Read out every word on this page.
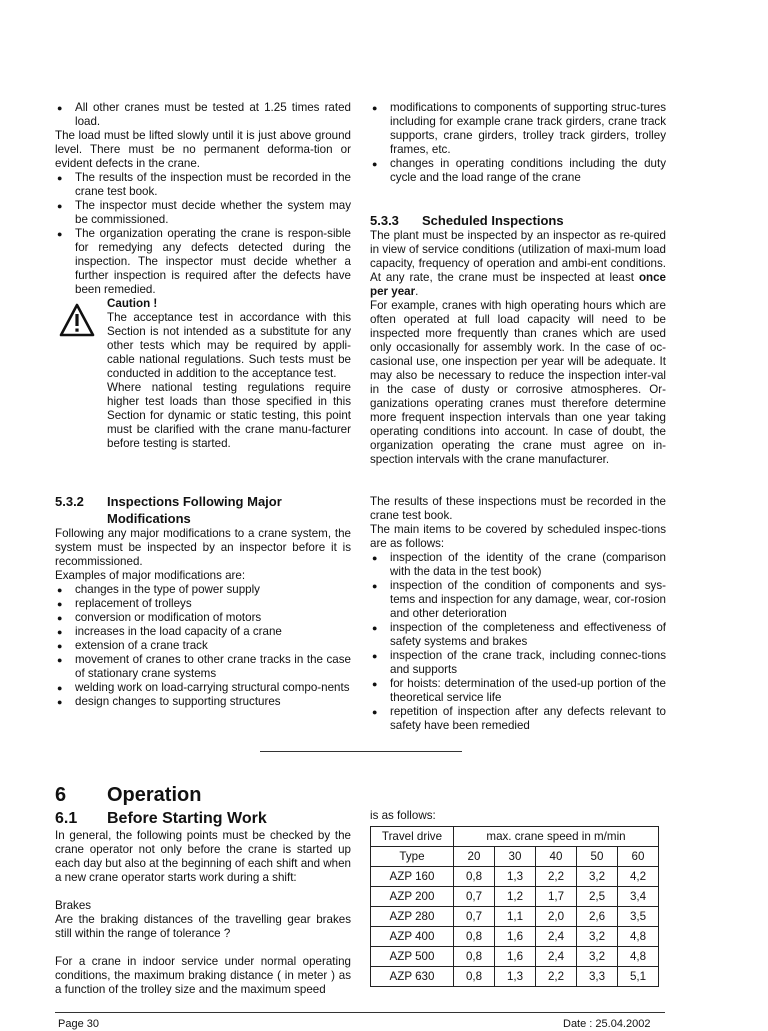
● All other cranes must be tested at 1.25 times rated load.

The load must be lifted slowly until it is just above ground level. There must be no permanent deforma-tion or evident defects in the crane.

● The results of the inspection must be recorded in the crane test book.
● The inspector must decide whether the system may be commissioned.
● The organization operating the crane is respon-sible for remedying any defects detected during the inspection. The inspector must decide whether a further inspection is required after the defects have been remedied.
Caution !

The acceptance test in accordance with this Section is not intended as a substitute for any other tests which may be required by appli-cable national regulations. Such tests must be conducted in addition to the acceptance test.

Where national testing regulations require higher test loads than those specified in this Section for dynamic or static testing, this point must be clarified with the crane manu-facturer before testing is started.

5.3.2	Inspections Following Major Modifications

Following any major modifications to a crane system, the system must be inspected by an inspector before it is recommissioned.

Examples of major modifications are:

● changes in the type of power supply
● replacement of trolleys
● conversion or modification of motors
● increases in the load capacity of a crane
● extension of a crane track
● movement of cranes to other crane tracks in the case of stationary crane systems
● welding work on load-carrying structural compo-nents
● design changes to supporting structures
● modifications to components of supporting struc-tures including for example crane track girders, crane track supports, crane girders, trolley track girders, trolley frames, etc.
● changes in operating conditions including the duty cycle and the load range of the crane
5.3.3	Scheduled Inspections

The plant must be inspected by an inspector as re-quired in view of service conditions (utilization of maxi-mum load capacity, frequency of operation and ambi-ent conditions. At any rate, the crane must be inspected at least once per year.

For example, cranes with high operating hours which are often operated at full load capacity will need to be inspected more frequently than cranes which are used only occasionally for assembly work. In the case of oc-casional use, one inspection per year will be adequate. It may also be necessary to reduce the inspection inter-val in the case of dusty or corrosive atmospheres. Or-ganizations operating cranes must therefore determine more frequent inspection intervals than one year taking operating conditions into account. In case of doubt, the organization operating the crane must agree on in-spection intervals with the crane manufacturer.

The results of these inspections must be recorded in the crane test book.

The main items to be covered by scheduled inspec-tions are as follows:

● inspection of the identity of the crane (comparison with the data in the test book)
● inspection of the condition of components and sys-tems and inspection for any damage, wear, cor-rosion and other deterioration
● inspection of the completeness and effectiveness of safety systems and brakes
● inspection of the crane track, including connec-tions and supports
● for hoists: determination of the used-up portion of the theoretical service life
● repetition of inspection after any defects relevant to safety have been remedied
6	Operation
6.1	Before Starting Work

In general, the following points must be checked by the crane operator not only before the crane is started up each day but also at the beginning of each shift and when a new crane operator starts work during a shift:

Brakes

Are the braking distances of the travelling gear brakes still within the range of tolerance ?

For a crane in indoor service under normal operating conditions, the maximum braking distance ( in meter ) as a function of the trolley size and the maximum speed

is as follows:
Travel drive	max. crane speed in m/min				
Type	20	30	40	50	60
AZP 160	0,8	1,3	2,2	3,2	4,2
AZP 200	0,7	1,2	1,7	2,5	3,4
AZP 280	0,7	1,1	2,0	2,6	3,5
AZP 400	0,8	1,6	2,4	3,2	4,8
AZP 500	0,8	1,6	2,4	3,2	4,8
AZP 630	0,8	1,3	2,2	3,3	5,1
Page 30	Date : 25.04.2002
